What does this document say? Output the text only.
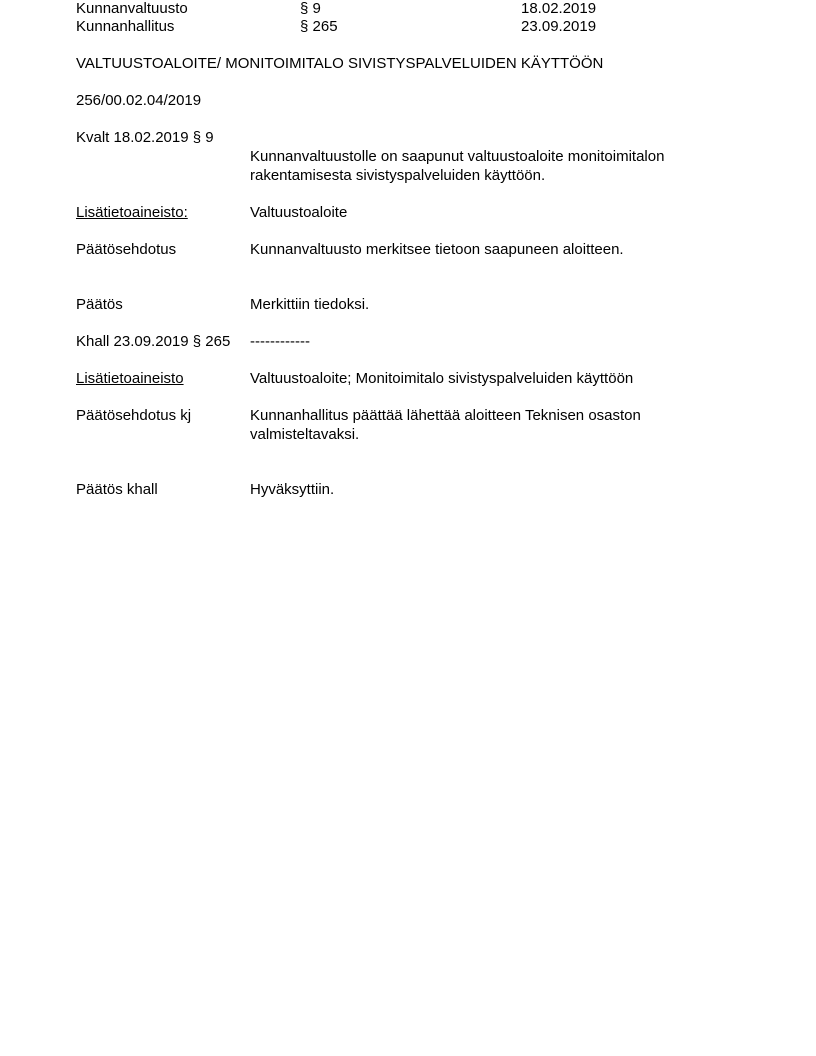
Kunnanvaltuusto	§ 9	18.02.2019
Kunnanhallitus	§ 265	23.09.2019
VALTUUSTOALOITE/ MONITOIMITALO SIVISTYSPALVELUIDEN KÄYTTÖÖN
256/00.02.04/2019
Kvalt 18.02.2019 § 9
Kunnanvaltuustolle on saapunut valtuustoaloite monitoimitalon rakentamisesta sivistyspalveluiden käyttöön.
Lisätietoaineisto:	Valtuustoaloite
Päätösehdotus	Kunnanvaltuusto merkitsee tietoon saapuneen aloitteen.
Päätös	Merkittiin tiedoksi.
Khall 23.09.2019 § 265 ------------
Lisätietoaineisto	Valtuustoaloite; Monitoimitalo sivistyspalveluiden käyttöön
Päätösehdotus kj	Kunnanhallitus päättää lähettää aloitteen Teknisen osaston valmisteltavaksi.
Päätös khall	Hyväksyttiin.
